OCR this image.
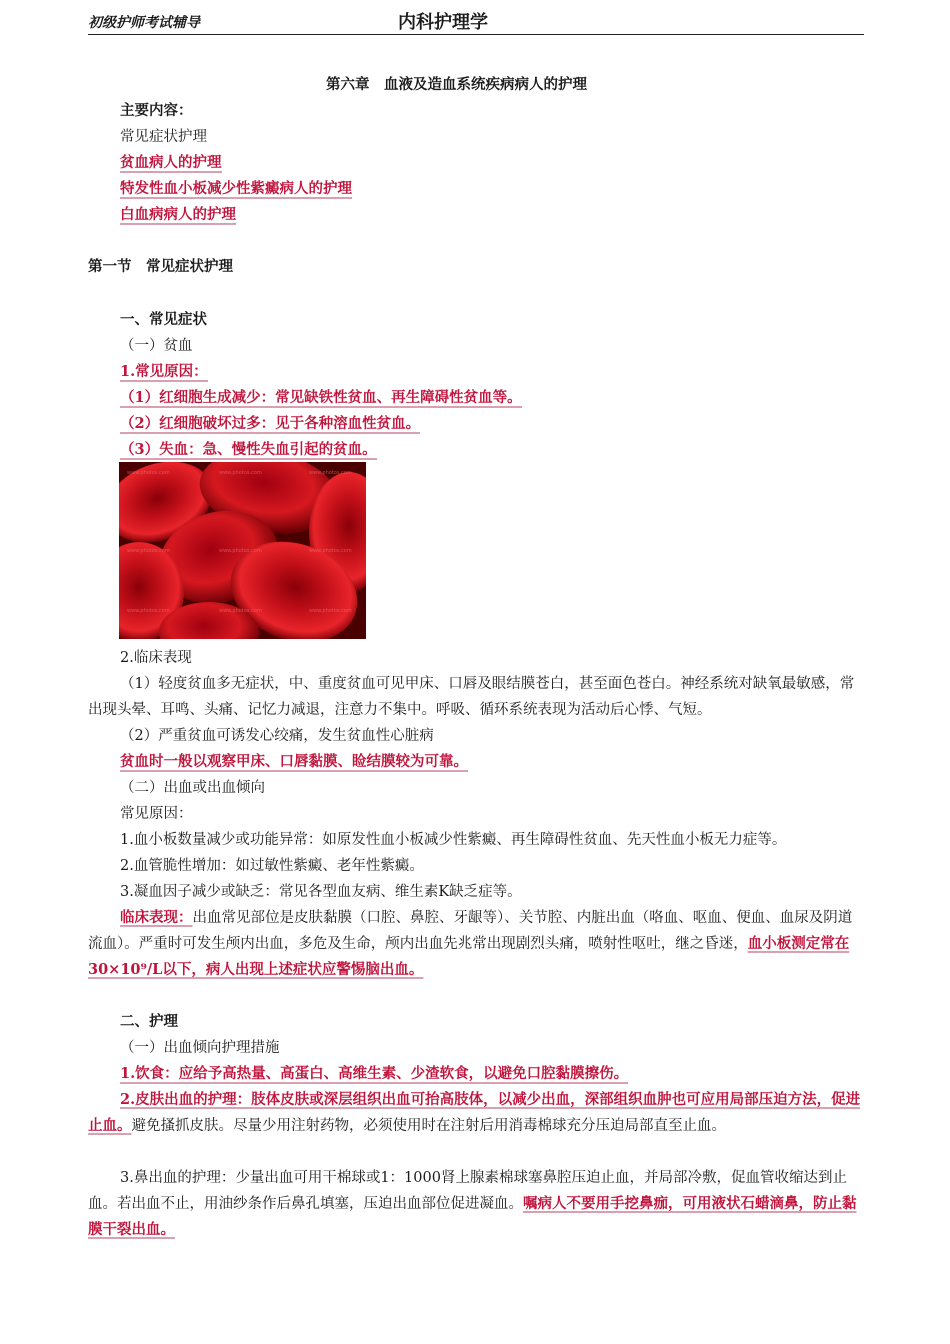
初级护师考试辅导	内科护理学
第六章　血液及造血系统疾病病人的护理
主要内容：
常见症状护理
贫血病人的护理
特发性血小板减少性紫癜病人的护理
白血病病人的护理
第一节　常见症状护理
一、常见症状
（一）贫血
1.常见原因：
（1）红细胞生成减少：常见缺铁性贫血、再生障碍性贫血等。
（2）红细胞破坏过多：见于各种溶血性贫血。
（3）失血：急、慢性失血引起的贫血。
www.photos.com	www.photos.com	www.photos.com
www.photos.com	www.photos.com	www.photos.com
www.photos.com	www.photos.com	www.photos.com
2.临床表现
（1）轻度贫血多无症状，中、重度贫血可见甲床、口唇及眼结膜苍白，甚至面色苍白。神经系统对缺氧最敏感，常出现头晕、耳鸣、头痛、记忆力减退，注意力不集中。呼吸、循环系统表现为活动后心悸、气短。
（2）严重贫血可诱发心绞痛，发生贫血性心脏病
贫血时一般以观察甲床、口唇黏膜、睑结膜较为可靠。
（二）出血或出血倾向
常见原因：
1.血小板数量减少或功能异常：如原发性血小板减少性紫癜、再生障碍性贫血、先天性血小板无力症等。
2.血管脆性增加：如过敏性紫癜、老年性紫癜。
3.凝血因子减少或缺乏：常见各型血友病、维生素K缺乏症等。
临床表现：出血常见部位是皮肤黏膜（口腔、鼻腔、牙龈等）、关节腔、内脏出血（咯血、呕血、便血、血尿及阴道流血）。严重时可发生颅内出血，多危及生命，颅内出血先兆常出现剧烈头痛，喷射性呕吐，继之昏迷，血小板测定常在30×10⁹/L以下，病人出现上述症状应警惕脑出血。
二、护理
（一）出血倾向护理措施
1.饮食：应给予高热量、高蛋白、高维生素、少渣软食，以避免口腔黏膜擦伤。
2.皮肤出血的护理：肢体皮肤或深层组织出血可抬高肢体，以减少出血，深部组织血肿也可应用局部压迫方法，促进止血。避免搔抓皮肤。尽量少用注射药物，必须使用时在注射后用消毒棉球充分压迫局部直至止血。
3.鼻出血的护理：少量出血可用干棉球或1：1000肾上腺素棉球塞鼻腔压迫止血，并局部冷敷，促血管收缩达到止血。若出血不止，用油纱条作后鼻孔填塞，压迫出血部位促进凝血。嘱病人不要用手挖鼻痂，可用液状石蜡滴鼻，防止黏膜干裂出血。
